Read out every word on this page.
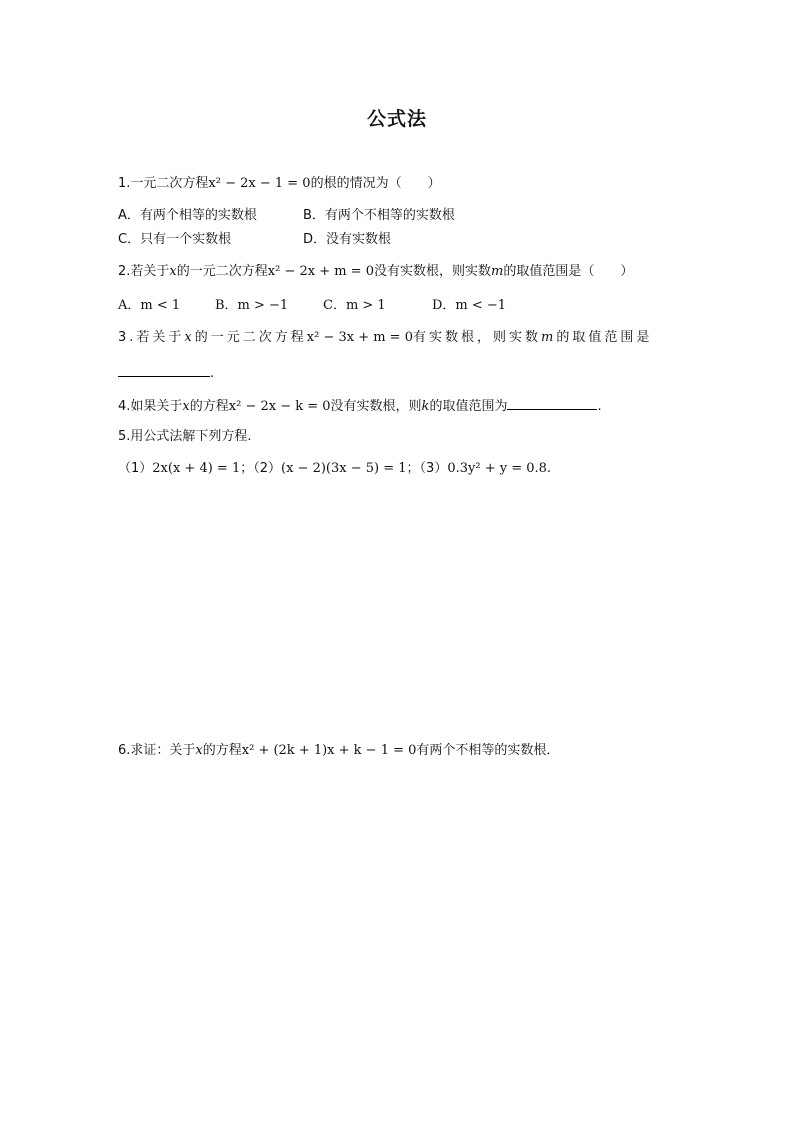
公式法
1.一元二次方程x² − 2x − 1 = 0的根的情况为（　　）
A．有两个相等的实数根	B．有两个不相等的实数根
C．只有一个实数根	D．没有实数根
2.若关于x的一元二次方程x² − 2x + m = 0没有实数根，则实数m的取值范围是（　　）
A．m < 1	B．m > −1	C．m > 1	D．m < −1
3.若关于x的一元二次方程x² − 3x + m = 0有实数根，则实数m的取值范围是
.
4.如果关于x的方程x² − 2x − k = 0没有实数根，则k的取值范围为	.
5.用公式法解下列方程.
（1）2x(x + 4) = 1；（2）(x − 2)(3x − 5) = 1；（3）0.3y² + y = 0.8.
6.求证：关于x的方程x² + (2k + 1)x + k − 1 = 0有两个不相等的实数根．
